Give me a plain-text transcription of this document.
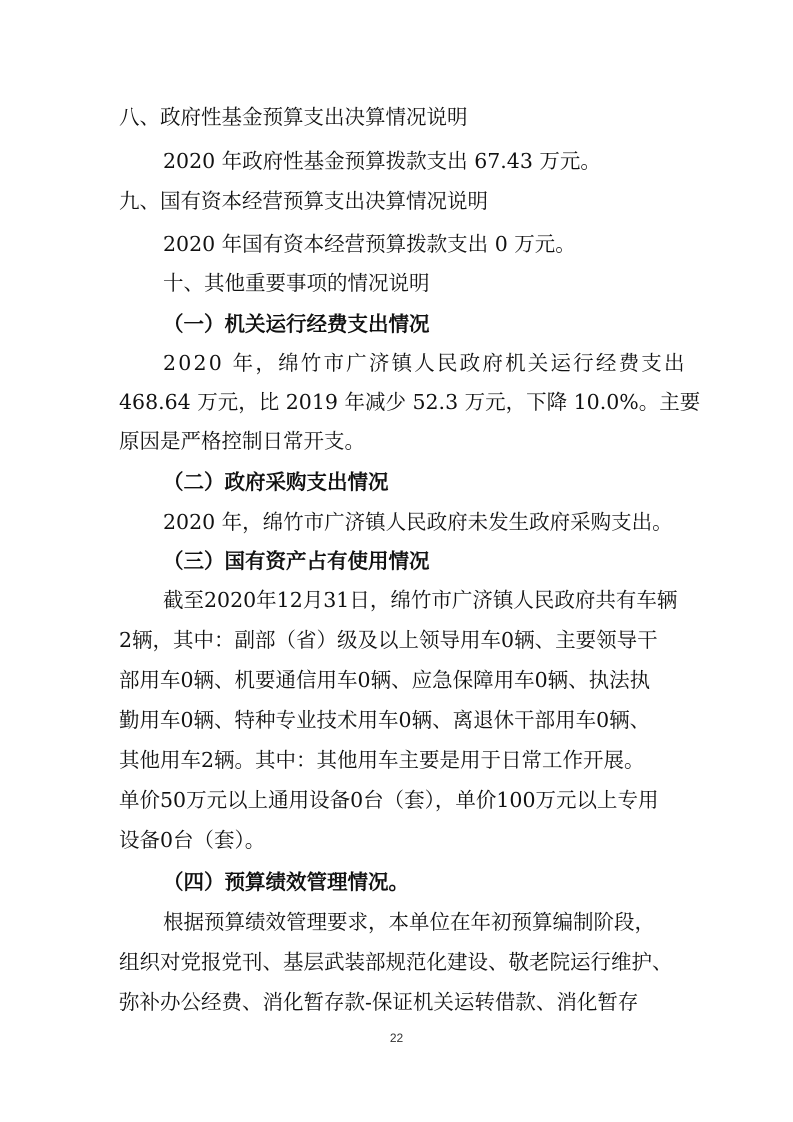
八、政府性基金预算支出决算情况说明
2020 年政府性基金预算拨款支出 67.43 万元。
九、国有资本经营预算支出决算情况说明
2020 年国有资本经营预算拨款支出 0 万元。
十、其他重要事项的情况说明
（一）机关运行经费支出情况
2020 年，绵竹市广济镇人民政府机关运行经费支出
468.64 万元，比 2019 年减少 52.3 万元，下降 10.0%。主要
原因是严格控制日常开支。
（二）政府采购支出情况
2020 年，绵竹市广济镇人民政府未发生政府采购支出。
（三）国有资产占有使用情况
截至2020年12月31日，绵竹市广济镇人民政府共有车辆
2辆，其中：副部（省）级及以上领导用车0辆、主要领导干
部用车0辆、机要通信用车0辆、应急保障用车0辆、执法执
勤用车0辆、特种专业技术用车0辆、离退休干部用车0辆、
其他用车2辆。其中：其他用车主要是用于日常工作开展。
单价50万元以上通用设备0台（套），单价100万元以上专用
设备0台（套）。
（四）预算绩效管理情况。
根据预算绩效管理要求，本单位在年初预算编制阶段，
组织对党报党刊、基层武装部规范化建设、敬老院运行维护、
弥补办公经费、消化暂存款-保证机关运转借款、消化暂存
22
